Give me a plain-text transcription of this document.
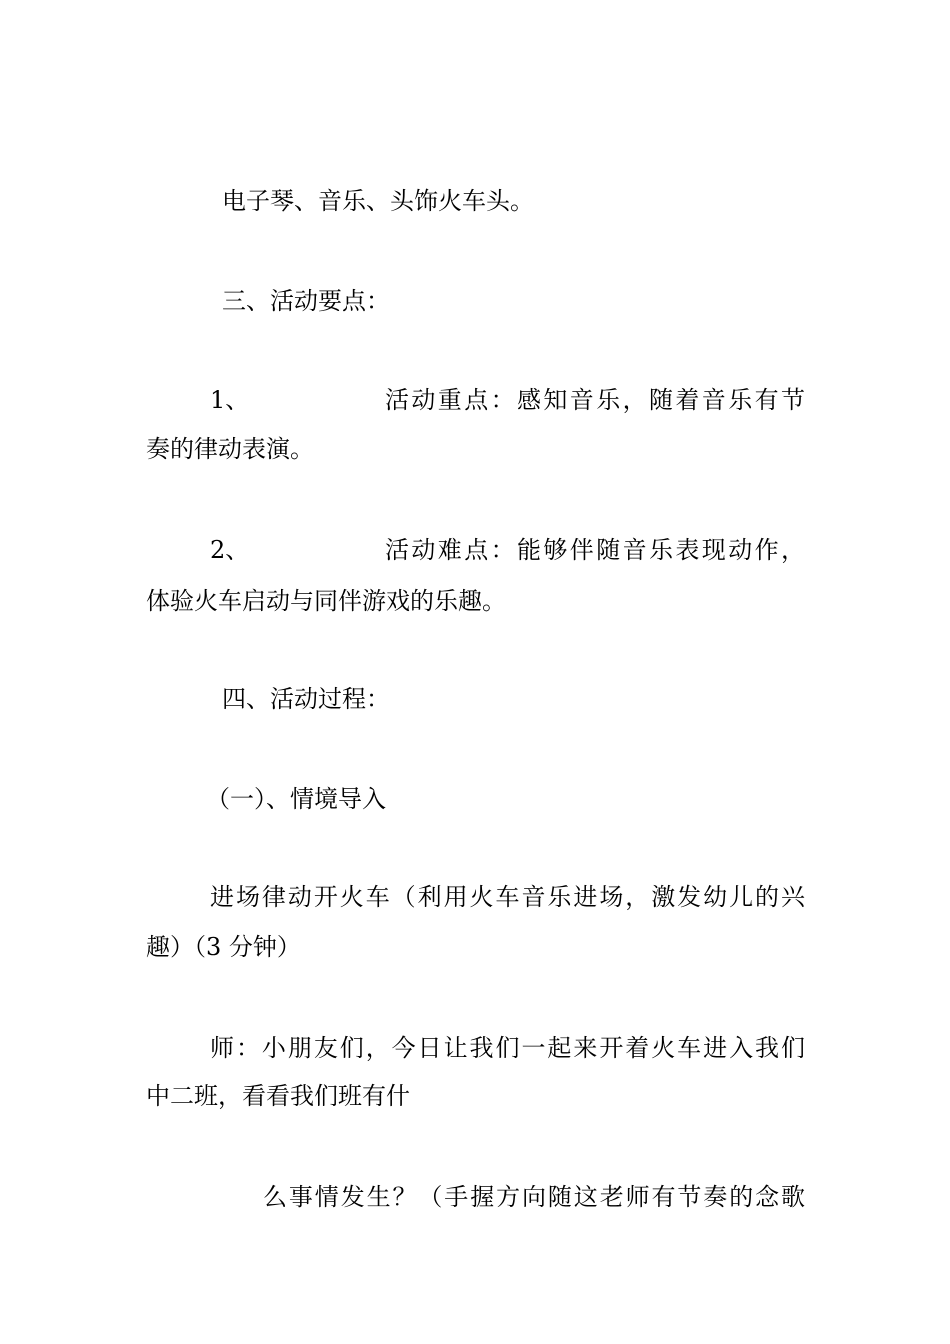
电子琴、音乐、头饰火车头。
三、活动要点：
1、	活动重点：感知音乐，随着音乐有节
奏的律动表演。
2、	活动难点：能够伴随音乐表现动作，
体验火车启动与同伴游戏的乐趣。
四、活动过程：
（一）、情境导入
进场律动开火车（利用火车音乐进场，激发幼儿的兴
趣）（3 分钟）
师：小朋友们，今日让我们一起来开着火车进入我们
中二班，看看我们班有什
么事情发生？（手握方向随这老师有节奏的念歌
